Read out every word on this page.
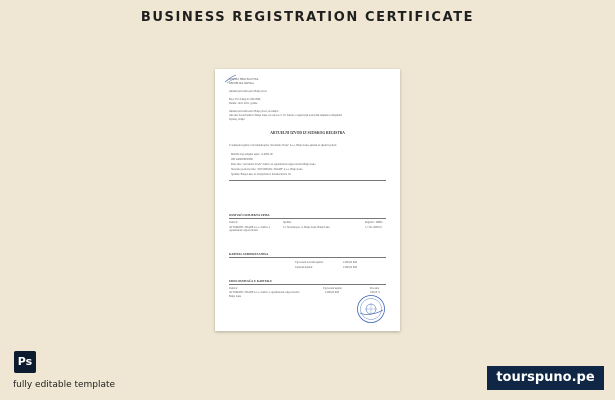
BUSINESS REGISTRATION CERTIFICATE
BOSNA I HERCEGOVINA
REPUBLIKA SRPSKA
Okružni privredni sud u Banjoj Luci
Broj: 057-0-Reg-21-000-0066
Datum: 14.01.2021. godine
Okružni privredni sud u Banjoj Luci, na zahtjev
Advokat Zoran Petkić iz Banje Luke, na osnovu čl. 19. Zakona o registraciji poslovnih subjekata u Republici
Srpskoj, izdaje:
AKTUELNI IZVOD IZ SUDSKOG REGISTRA
U sudskom registru vodi subjekt upisa "Avtomatic-Trade" d.o.o. Banja Luka, upisani su sljedeći podaci:
Matični broj subjekta upisa: 11-9052-00
JIB: 4404856950006
Puno ime: "Avtomatic-Trade" društvo sa ograničenom odgovornošću Banja Luka
Skraćeno poslovno ime: "AVTOMATIC-TRADE" d.o.o. Banja Luka
Sjedište: Banja Luka, ul. Kralja Petra I Karađorđevića 111
OSNIVAČI SUBJEKTA UPISA
Osnivač	Sjedište	Registar / JMBG
AVTOMATIC-TRADE d.o.o. društvo s ograničenom odgovornošću
J.J. Strossmayer 11, Banja Luka, Banja Luka	1-7121-2008-01
KAPITAL SUBJEKTA UPISA
Ugovoreni novčani kapital:	2.000,00 KM
Uplaćeni kapital:	2.000,00 KM
UDIO OSNIVAČA U KAPITALU
Osnivač	Ugovoreni kapital	Procenat
AVTOMATIC-TRADE d.o.o. društvo s ograničenom odgovornošću
Banja Luka
2.000,00 KM	100,00 %
Ps
fully editable template	tourspuno.pe
